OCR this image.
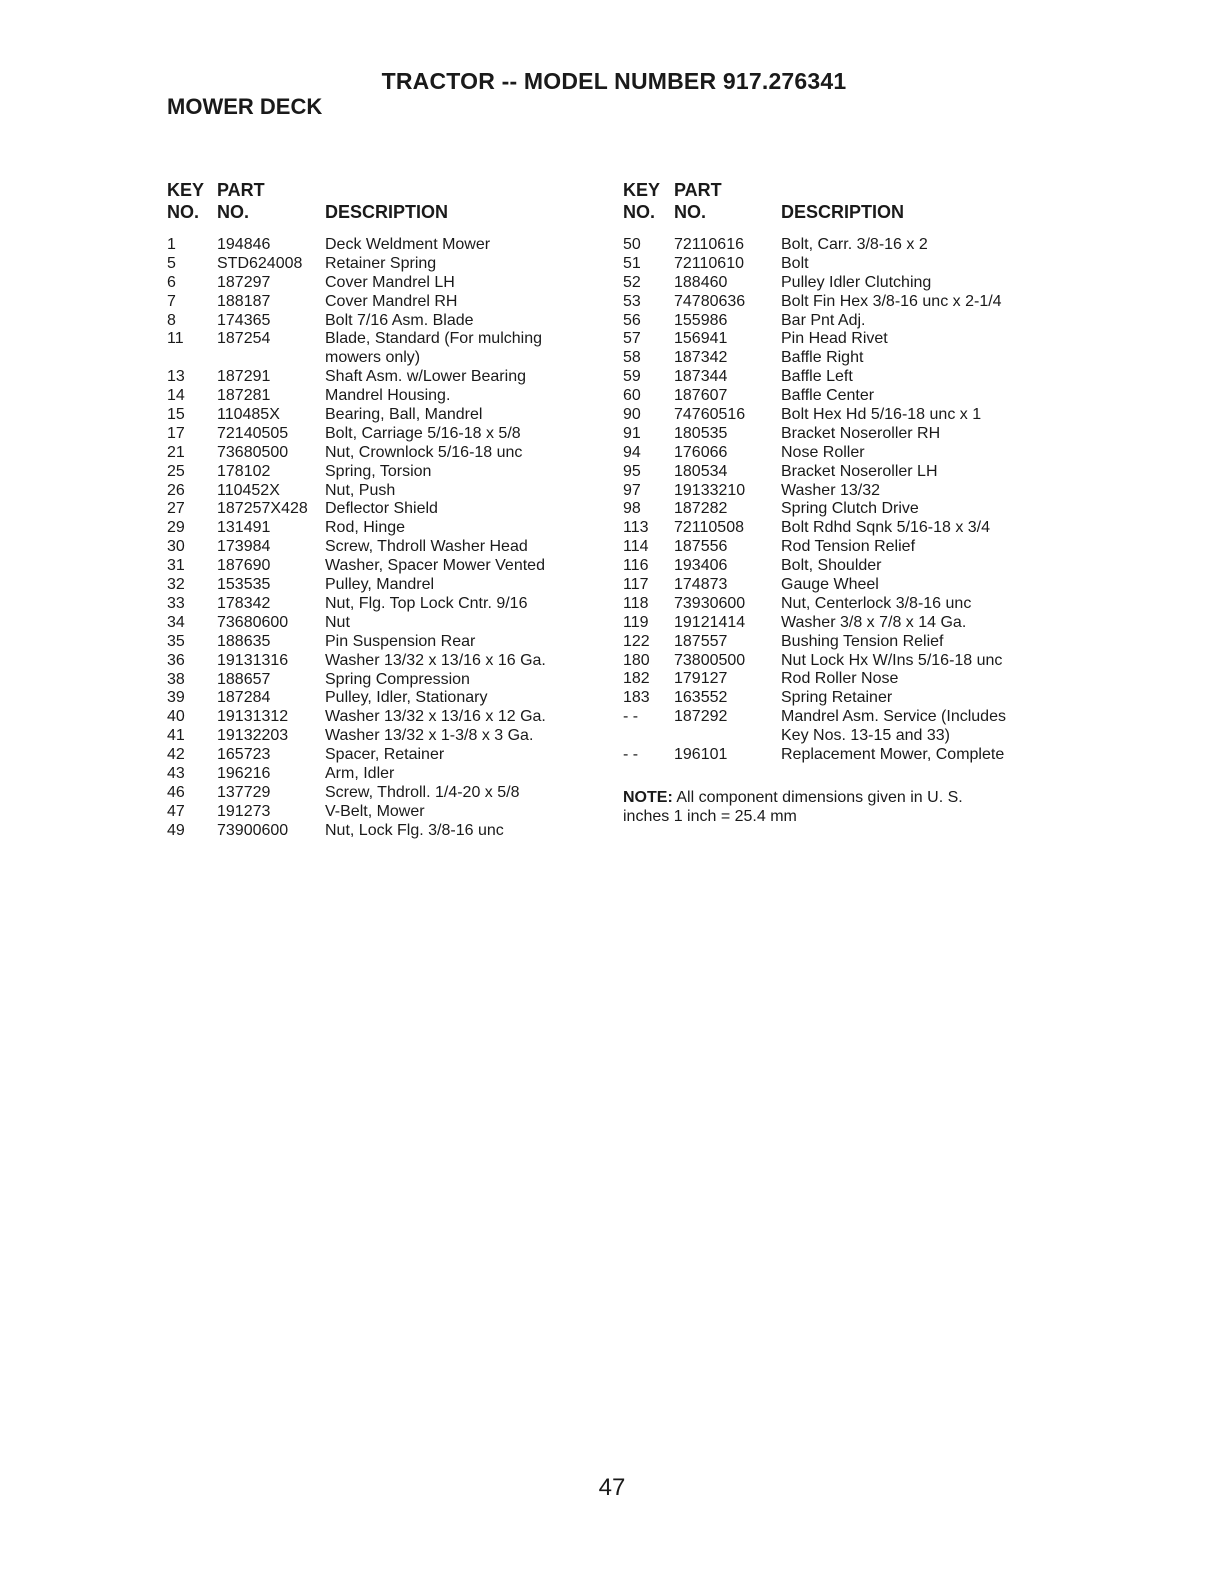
TRACTOR -- MODEL NUMBER 917.276341
MOWER DECK
KEY
NO.
PART
NO.	DESCRIPTION
1	194846	Deck Weldment Mower
5	STD624008 Retainer Spring
6	187297	Cover Mandrel LH
7	188187	Cover Mandrel RH
8	174365	Bolt 7/16 Asm. Blade
11 187254	Blade, Standard (For mulching mowers only)
13 187291	Shaft Asm. w/Lower Bearing
14 187281	Mandrel Housing.
15 110485X	Bearing, Ball, Mandrel
17 72140505 Bolt, Carriage 5/16-18 x 5/8
21 73680500 Nut, Crownlock 5/16-18 unc
25 178102	Spring, Torsion
26 110452X	Nut, Push
27 187257X428 Deflector Shield
29 131491	Rod, Hinge
30 173984	Screw, Thdroll Washer Head
31 187690	Washer, Spacer Mower Vented
32 153535	Pulley, Mandrel
33 178342	Nut, Flg. Top Lock Cntr. 9/16
34 73680600 Nut
35 188635	Pin Suspension Rear
36 19131316 Washer 13/32 x 13/16 x 16 Ga.
38 188657	Spring Compression
39 187284	Pulley, Idler, Stationary
40 19131312 Washer 13/32 x 13/16 x 12 Ga.
41 19132203 Washer 13/32 x 1-3/8 x 3 Ga.
42 165723	Spacer, Retainer
43 196216	Arm, Idler
46 137729	Screw, Thdroll. 1/4-20 x 5/8
47 191273	V-Belt, Mower
49 73900600 Nut, Lock Flg. 3/8-16 unc
KEY
NO.
PART
NO.	DESCRIPTION
50 72110616 Bolt, Carr. 3/8-16 x 2
51 72110610 Bolt
52 188460	Pulley Idler Clutching
53 74780636 Bolt Fin Hex 3/8-16 unc x 2-1/4
56 155986	Bar Pnt Adj.
57 156941	Pin Head Rivet
58 187342	Baffle Right
59 187344	Baffle Left
60 187607	Baffle Center
90 74760516 Bolt Hex Hd 5/16-18 unc x 1
91 180535	Bracket Noseroller RH
94 176066	Nose Roller
95 180534	Bracket Noseroller LH
97 19133210 Washer 13/32
98 187282	Spring Clutch Drive
113 72110508 Bolt Rdhd Sqnk 5/16-18 x 3/4
114 187556	Rod Tension Relief
116 193406	Bolt, Shoulder
117 174873	Gauge Wheel
118 73930600 Nut, Centerlock 3/8-16 unc
119 19121414 Washer 3/8 x 7/8 x 14 Ga.
122 187557	Bushing Tension Relief
180 73800500 Nut Lock Hx W/Ins 5/16-18 unc
182 179127	Rod Roller Nose
183 163552	Spring Retainer
- - 187292	Mandrel Asm. Service (Includes Key Nos. 13-15 and 33)
- - 196101	Replacement Mower, Complete
NOTE: All component dimensions given in U. S. inches 1 inch = 25.4 mm
47
